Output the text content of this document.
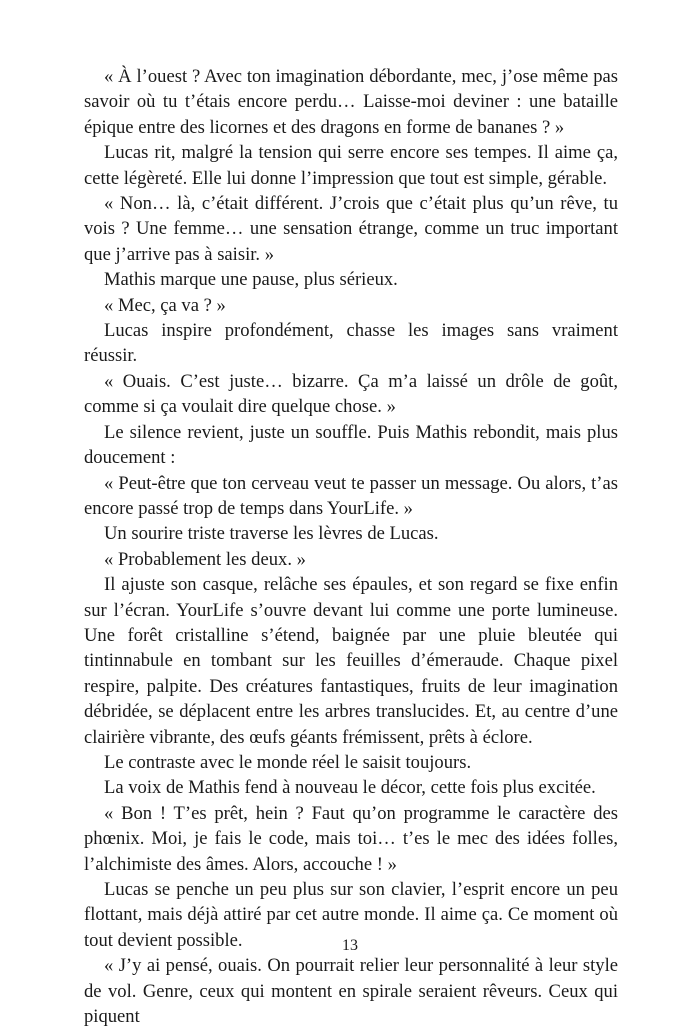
« À l’ouest ? Avec ton imagination débordante, mec, j’ose même pas savoir où tu t’étais encore perdu… Laisse-moi deviner : une bataille épique entre des licornes et des dragons en forme de bananes ? »

Lucas rit, malgré la tension qui serre encore ses tempes. Il aime ça, cette légèreté. Elle lui donne l’impression que tout est simple, gérable.

« Non… là, c’était différent. J’crois que c’était plus qu’un rêve, tu vois ? Une femme… une sensation étrange, comme un truc important que j’arrive pas à saisir. »

Mathis marque une pause, plus sérieux.

« Mec, ça va ? »

Lucas inspire profondément, chasse les images sans vraiment réussir.

« Ouais. C’est juste… bizarre. Ça m’a laissé un drôle de goût, comme si ça voulait dire quelque chose. »

Le silence revient, juste un souffle. Puis Mathis rebondit, mais plus doucement :

« Peut-être que ton cerveau veut te passer un message. Ou alors, t’as encore passé trop de temps dans YourLife. »

Un sourire triste traverse les lèvres de Lucas.

« Probablement les deux. »

Il ajuste son casque, relâche ses épaules, et son regard se fixe enfin sur l’écran. YourLife s’ouvre devant lui comme une porte lumineuse. Une forêt cristalline s’étend, baignée par une pluie bleutée qui tintinnabule en tombant sur les feuilles d’émeraude. Chaque pixel respire, palpite. Des créatures fantastiques, fruits de leur imagination débridée, se déplacent entre les arbres translucides. Et, au centre d’une clairière vibrante, des œufs géants frémissent, prêts à éclore.

Le contraste avec le monde réel le saisit toujours.

La voix de Mathis fend à nouveau le décor, cette fois plus excitée.

« Bon ! T’es prêt, hein ? Faut qu’on programme le caractère des phœnix. Moi, je fais le code, mais toi… t’es le mec des idées folles, l’alchimiste des âmes. Alors, accouche ! »

Lucas se penche un peu plus sur son clavier, l’esprit encore un peu flottant, mais déjà attiré par cet autre monde. Il aime ça. Ce moment où tout devient possible.

« J’y ai pensé, ouais. On pourrait relier leur personnalité à leur style de vol. Genre, ceux qui montent en spirale seraient rêveurs. Ceux qui piquent

13
